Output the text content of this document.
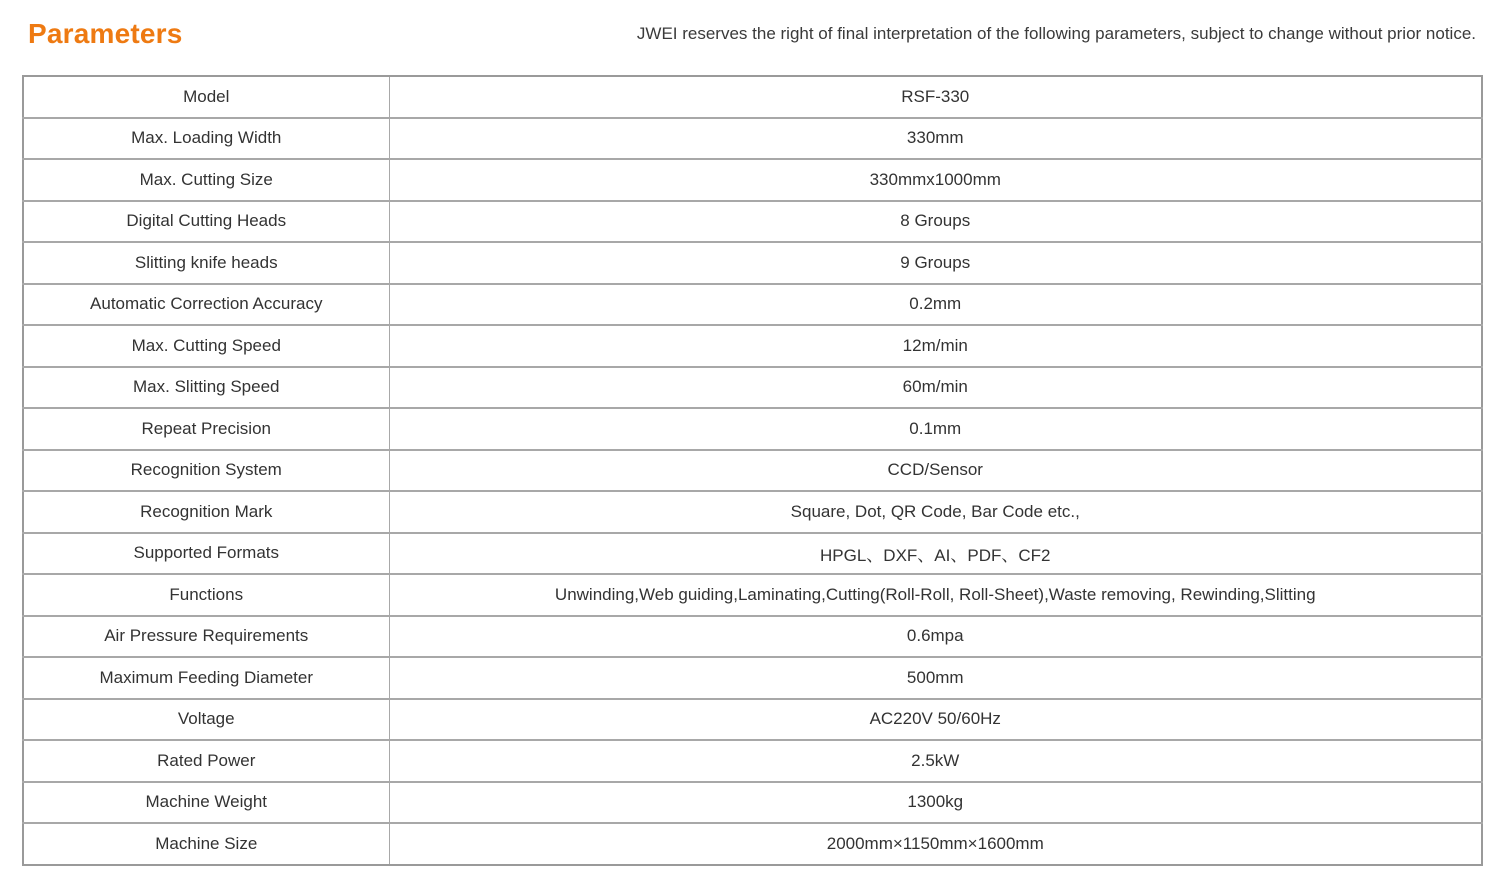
Parameters	JWEI reserves the right of final interpretation of the following parameters, subject to change without prior notice.
Model	RSF-330
Max. Loading Width	330mm
Max. Cutting Size	330mmx1000mm
Digital Cutting Heads	8 Groups
Slitting knife heads	9 Groups
Automatic Correction Accuracy	0.2mm
Max. Cutting Speed	12m/min
Max. Slitting Speed	60m/min
Repeat Precision	0.1mm
Recognition System	CCD/Sensor
Recognition Mark	Square, Dot, QR Code, Bar Code etc.,
Supported Formats	HPGL、DXF、AI、PDF、CF2
Functions	Unwinding,Web guiding,Laminating,Cutting(Roll-Roll, Roll-Sheet),Waste removing, Rewinding,Slitting
Air Pressure Requirements	0.6mpa
Maximum Feeding Diameter	500mm
Voltage	AC220V 50/60Hz
Rated Power	2.5kW
Machine Weight	1300kg
Machine Size	2000mm×1150mm×1600mm
